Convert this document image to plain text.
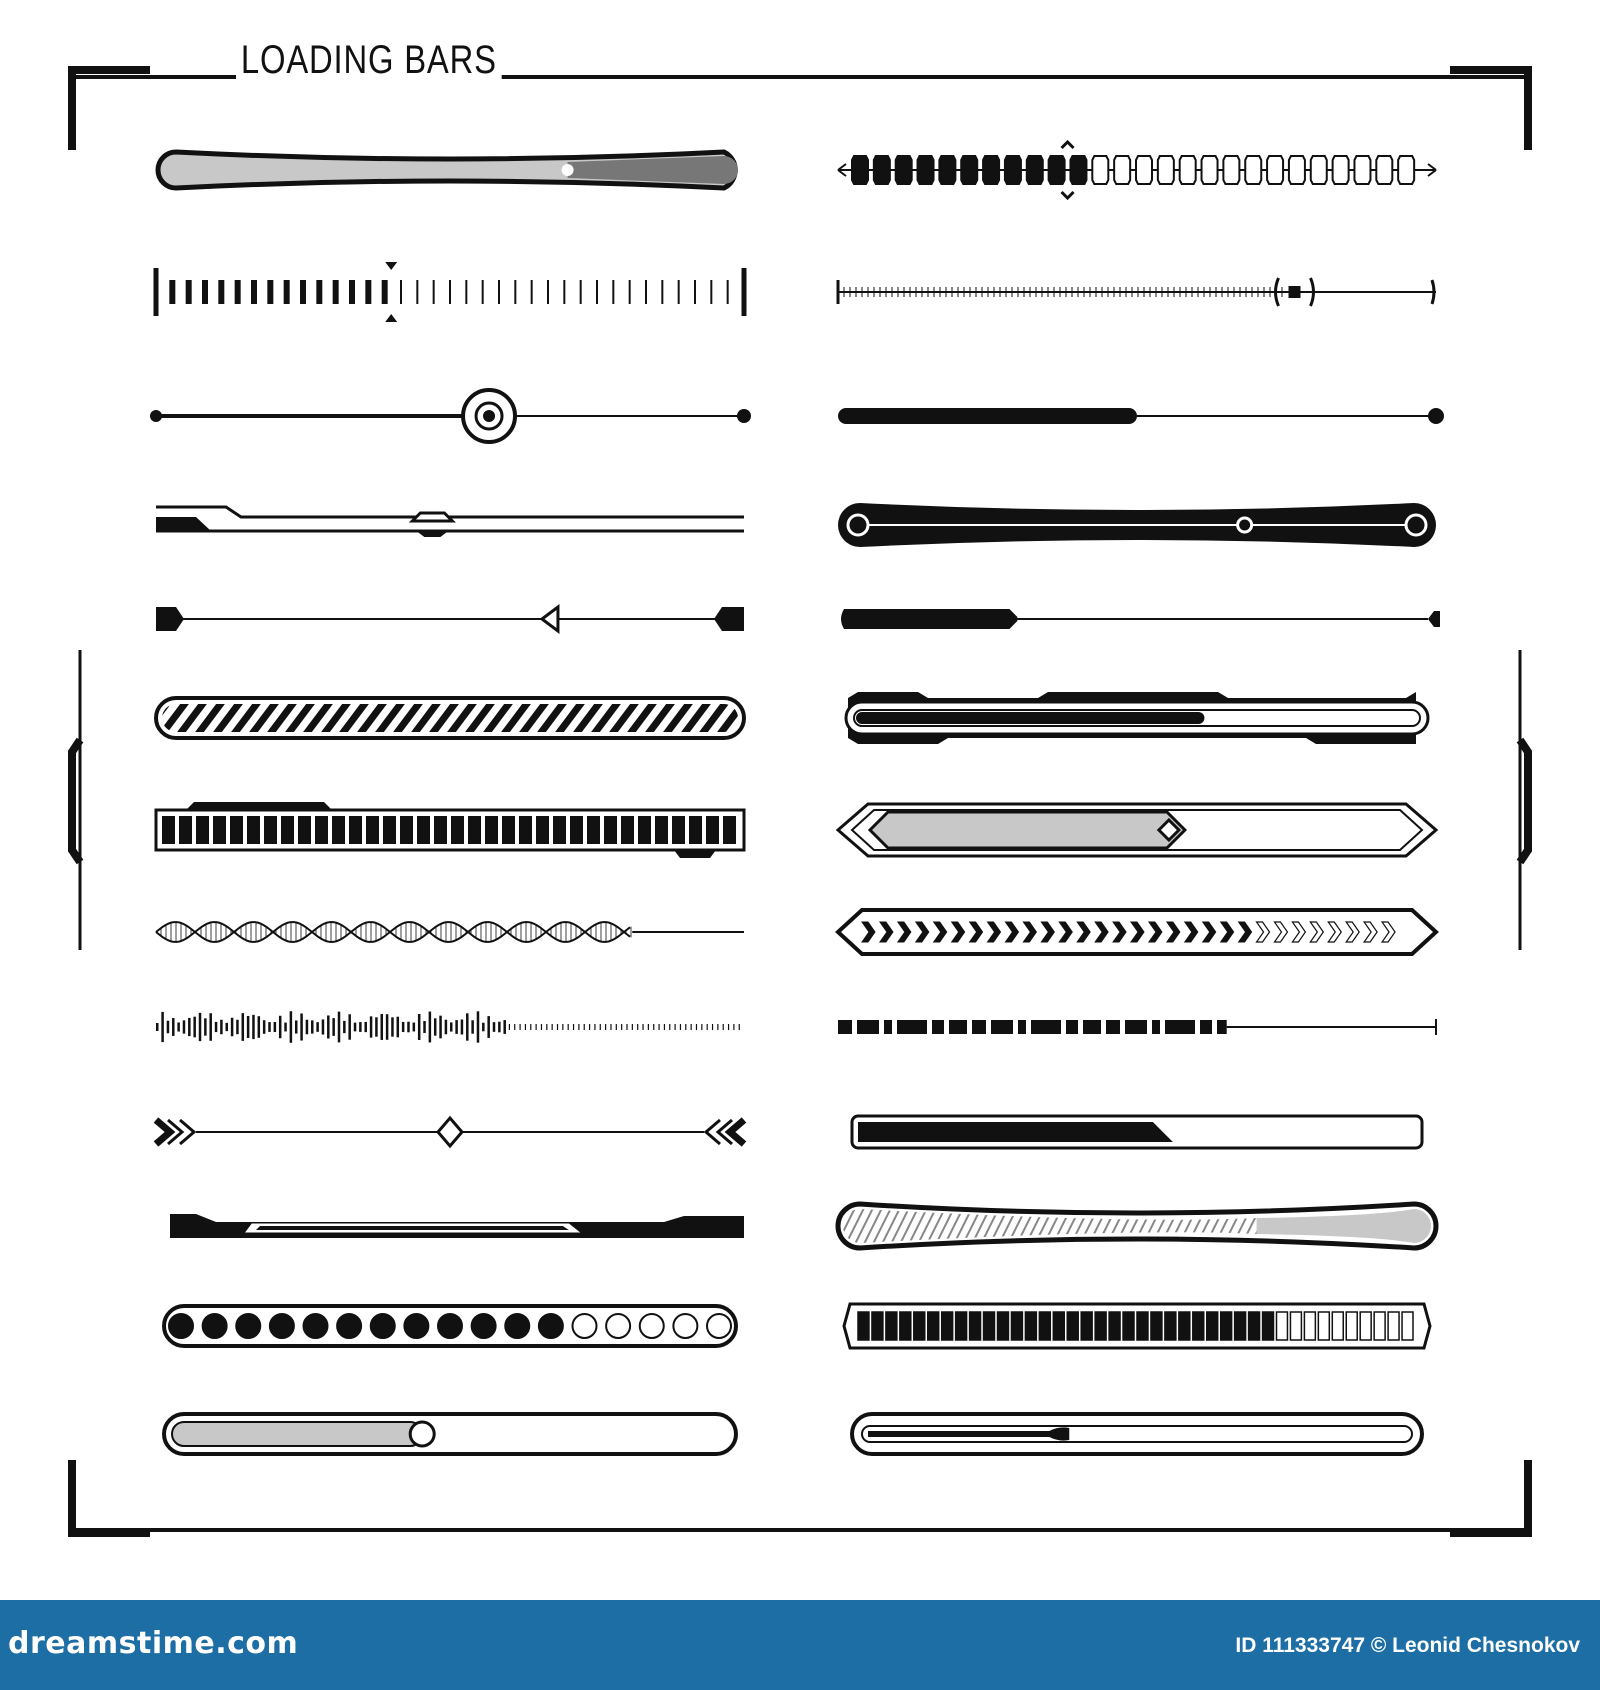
LOADING BARS
dreamstime.com	ID 111333747 © Leonid Chesnokov
